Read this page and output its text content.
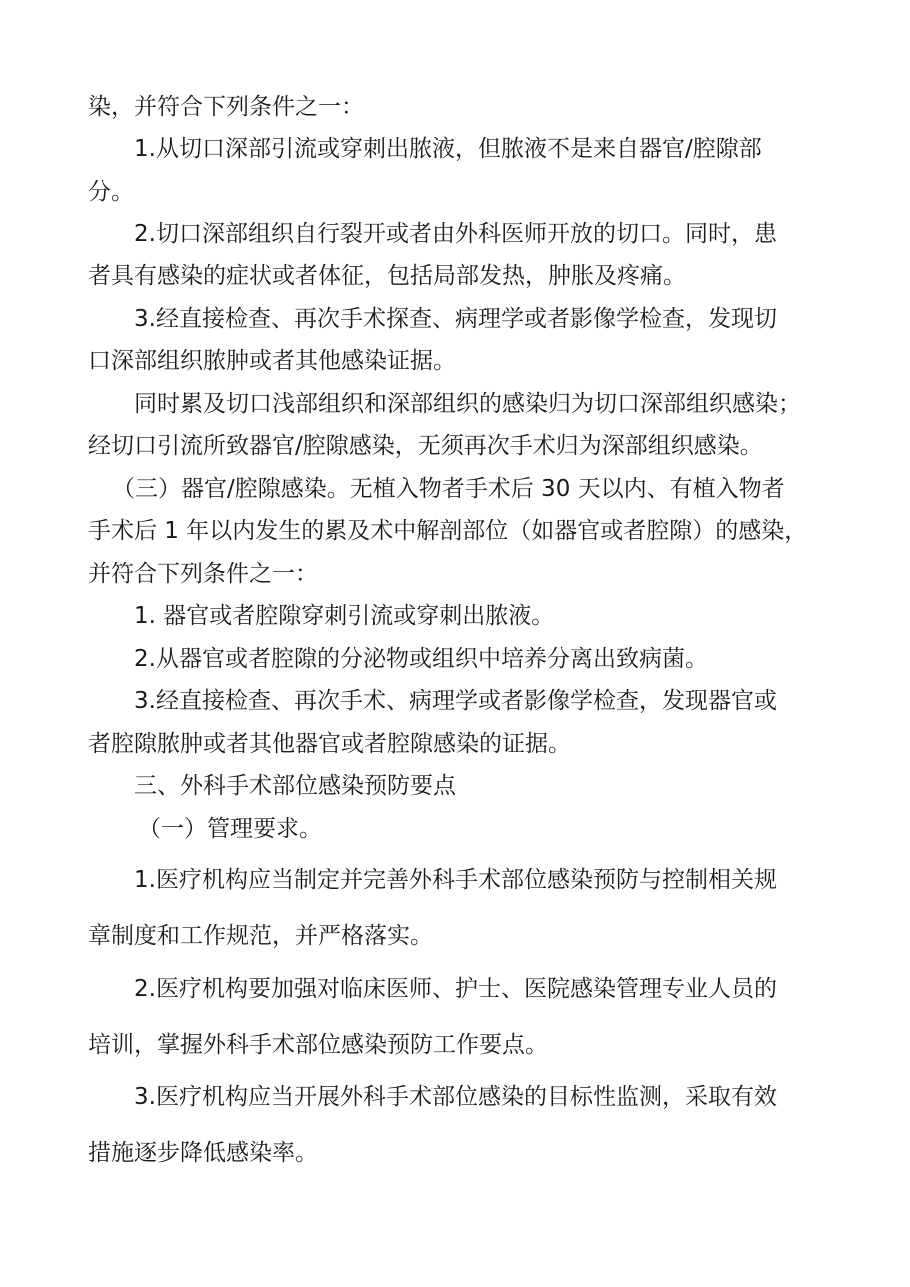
染，并符合下列条件之一：

1.从切口深部引流或穿刺出脓液，但脓液不是来自器官/腔隙部

分。

2.切口深部组织自行裂开或者由外科医师开放的切口。同时，患

者具有感染的症状或者体征，包括局部发热，肿胀及疼痛。

3.经直接检查、再次手术探查、病理学或者影像学检查，发现切

口深部组织脓肿或者其他感染证据。

同时累及切口浅部组织和深部组织的感染归为切口深部组织感染；

经切口引流所致器官/腔隙感染，无须再次手术归为深部组织感染。

（三）器官/腔隙感染。无植入物者手术后 30 天以内、有植入物者

手术后 1 年以内发生的累及术中解剖部位（如器官或者腔隙）的感染，

并符合下列条件之一：

1. 器官或者腔隙穿刺引流或穿刺出脓液。

2.从器官或者腔隙的分泌物或组织中培养分离出致病菌。

3.经直接检查、再次手术、病理学或者影像学检查，发现器官或

者腔隙脓肿或者其他器官或者腔隙感染的证据。

三、外科手术部位感染预防要点

（一）管理要求。

1.医疗机构应当制定并完善外科手术部位感染预防与控制相关规

章制度和工作规范，并严格落实。

2.医疗机构要加强对临床医师、护士、医院感染管理专业人员的

培训，掌握外科手术部位感染预防工作要点。

3.医疗机构应当开展外科手术部位感染的目标性监测，采取有效

措施逐步降低感染率。
